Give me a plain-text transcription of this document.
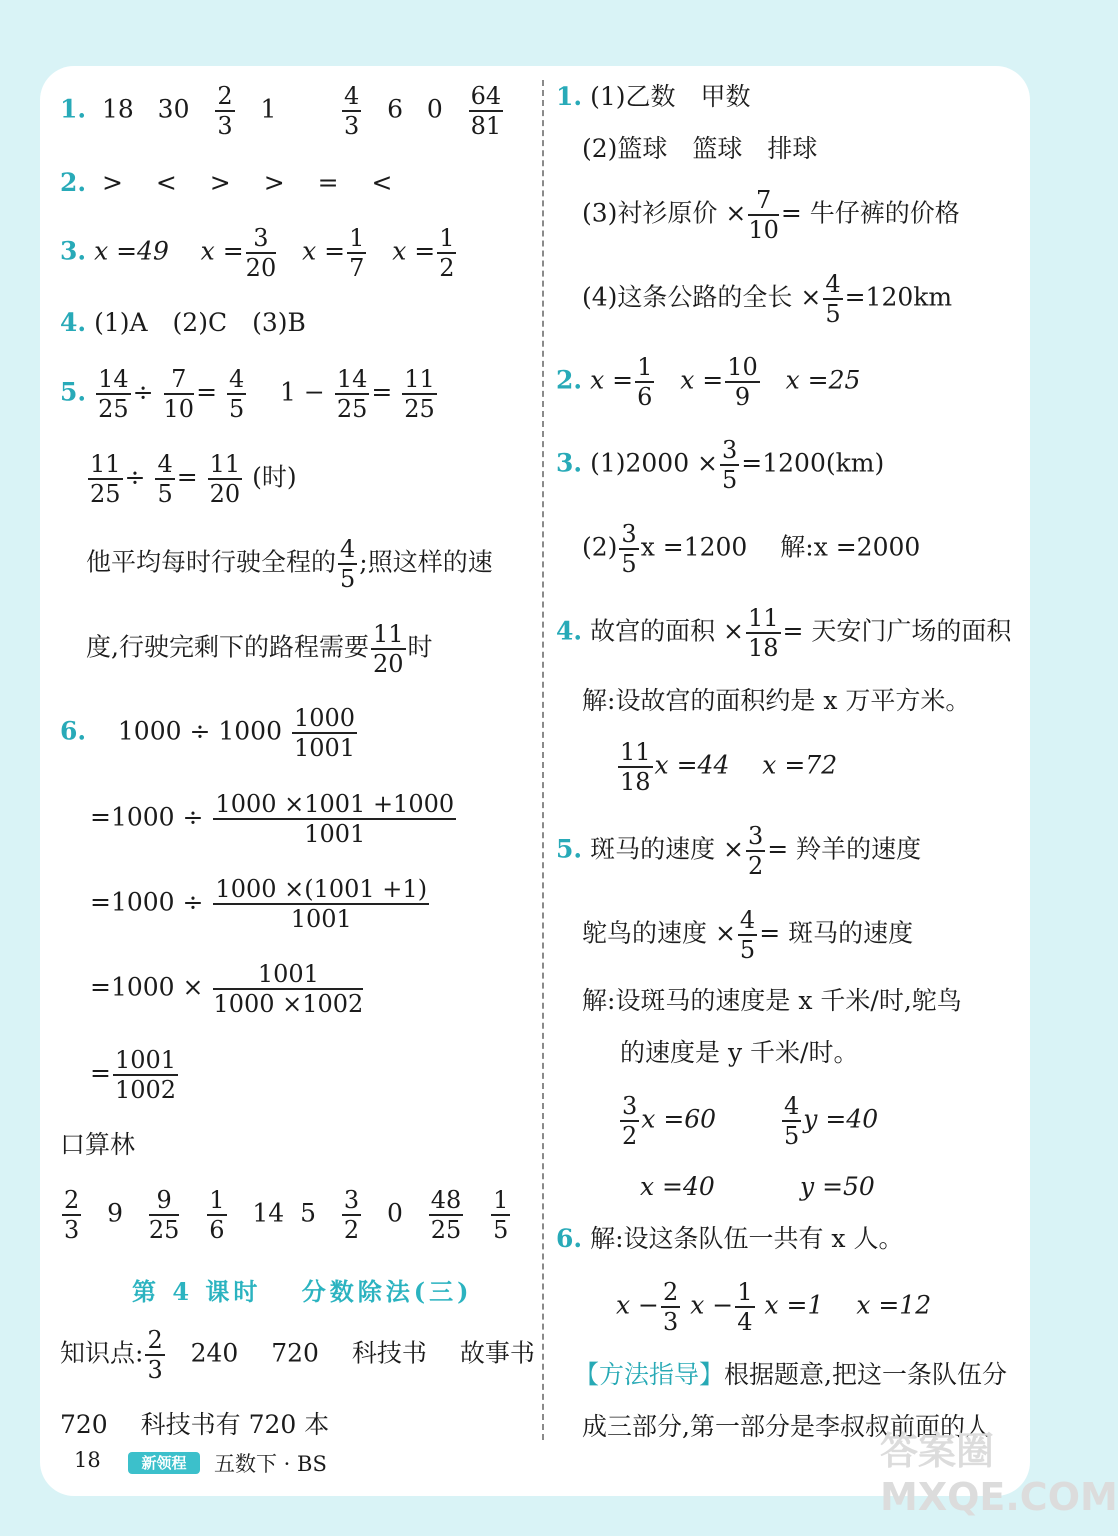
1. 18 $30 \frac{2}{3} 1$	$\frac{4}{3} 6$ $0 \frac{64}{81}$
2. >　 <　 >　 >　 =　 <
3. x =49 $x = \frac{3}{20}$ $x = \frac{1}{7}$ $x = \frac{1}{2}$
4. (1)A　(2)C　(3)B
5. $\frac{14}{25} \div \frac{7}{10} = \frac{4}{5} 1 - \frac{14}{25} = \frac{11}{25}$
$\frac{11}{25} \div \frac{4}{5} = \frac{11}{20}$ (时)
他平均每时行驶全程的 $\frac{4}{5}$ ;照这样的速
度,行驶完剩下的路程需要 $\frac{11}{20}$ 时
6. $1000 \div 1000 \frac{1000}{1001}$
$=1000 \div \frac{1000 \times 1001 +1000}{1001}$
$=1000 \div \frac{1000 \times(1001 +1)}{1001}$
$=1000 \times \frac{1001}{1000 \times 1002}$
= $\frac{1001}{1002}$
口算林
$\frac{2}{3} 9 \frac{9}{25}$
$\frac{1}{6} 14$ $5 \frac{3}{2} 0 \frac{48}{25}$
$\frac{1}{5}$
第 4 课时　 分数除法(三)
知识点: $\frac{2}{3} 240$　 720　 科技书　 故事书
720　 科技书有 720 本
1. (1)乙数　甲数
(2)篮球　篮球　排球
(3)衬衫原价 × $\frac{7}{10}$ = 牛仔裤的价格
(4)这条公路的全长 × $\frac{4}{5} =120km$
2. $x = \frac{1}{6}$ $x = \frac{10}{9}$ x =25
3. $(1)2000 \times \frac{3}{5} =1200(km)$
$(2) \frac{3}{5}$ x =1200　 解:x =2000
4. 故宫的面积 × $\frac{11}{18}$ = 天安门广场的面积
解:设故宫的面积约是 x 万平方米。
$\frac{11}{18}$ x =44　 x =72
5. 斑马的速度 × $\frac{3}{2}$ = 羚羊的速度
鸵鸟的速度 × $\frac{4}{5}$ = 斑马的速度
解:设斑马的速度是 x 千米/时,鸵鸟
的速度是 y 千米/时。
$\frac{3}{2}$ x =60	$\frac{4}{5}$ y =40
x =40	y =50
6. 解:设这条队伍一共有 x 人。
$x - \frac{2}{3}$ $x - \frac{1}{4}$ x =1　 x =12
【方法指导】根据题意,把这一条队伍分
成三部分,第一部分是李叔叔前面的人
18	新领程	五数下 · BS	答案圈 MXQE.COM
